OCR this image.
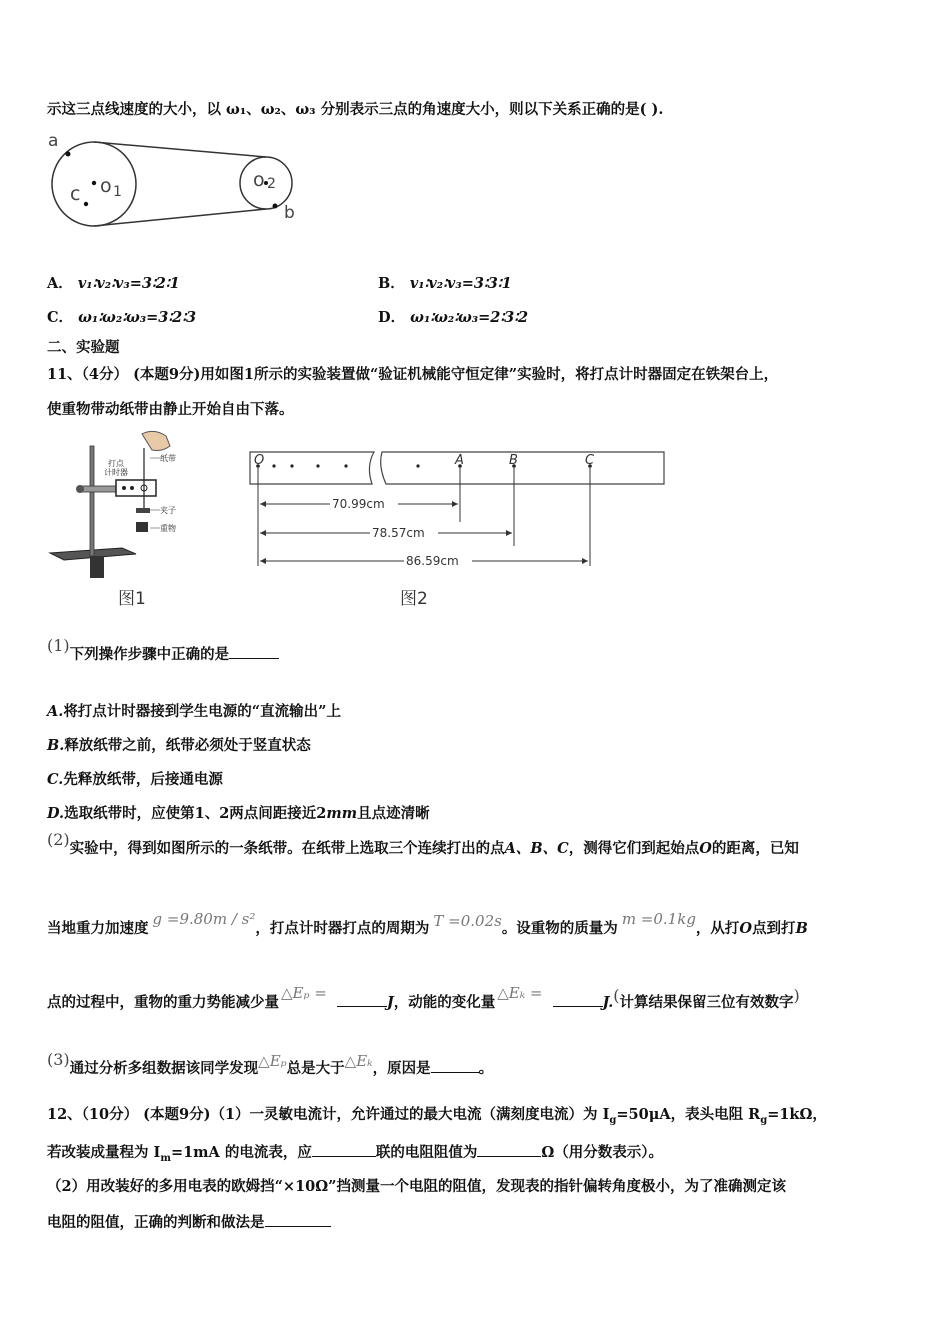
示这三点线速度的大小，以 ω₁、ω₂、ω₃ 分别表示三点的角速度大小，则以下关系正确的是( ).
a
b
c o 1
o 2
A． v₁∶v₂∶v₃=3∶2∶1	B． v₁∶v₂∶v₃=3∶3∶1
C． ω₁∶ω₂∶ω₃=3∶2∶3	D． ω₁∶ω₂∶ω₃=2∶3∶2
二、实验题
11、（4分） (本题9分)用如图1所示的实验装置做“验证机械能守恒定律”实验时，将打点计时器固定在铁架台上，
使重物带动纸带由静止开始自由下落。
打点
计时器
纸带
夹子
重物
图1
O	A	B	C
70.99cm
78.57cm
86.59cm
图2
(1)下列操作步骤中正确的是
A.将打点计时器接到学生电源的“直流输出”上
B.释放纸带之前，纸带必须处于竖直状态
C.先释放纸带，后接通电源
D.选取纸带时，应使第1、2两点间距接近2mm且点迹清晰
(2)实验中，得到如图所示的一条纸带。在纸带上选取三个连续打出的点A、B、C，测得它们到起始点O的距离，已知
当地重力加速度g =9.80m / s²，打点计时器打点的周期为 T =0.02s。设重物的质量为m =0.1kg，从打O点到打B
点的过程中，重物的重力势能减少量△Eₚ =J，动能的变化量△Eₖ =J.(计算结果保留三位有效数字)
(3)通过分析多组数据该同学发现△Eₚ总是大于△Eₖ，原因是	。
12、（10分） (本题9分)（1）一灵敏电流计，允许通过的最大电流（满刻度电流）为 $I_g=50\mu A$，表头电阻 $R_g=1k\Omega$，
若改装成量程为 $I_m=1mA$ 的电流表，应	联的电阻阻值为	Ω（用分数表示）。
（2）用改装好的多用电表的欧姆挡“×10Ω”挡测量一个电阻的阻值，发现表的指针偏转角度极小，为了准确测定该
电阻的阻值，正确的判断和做法是
